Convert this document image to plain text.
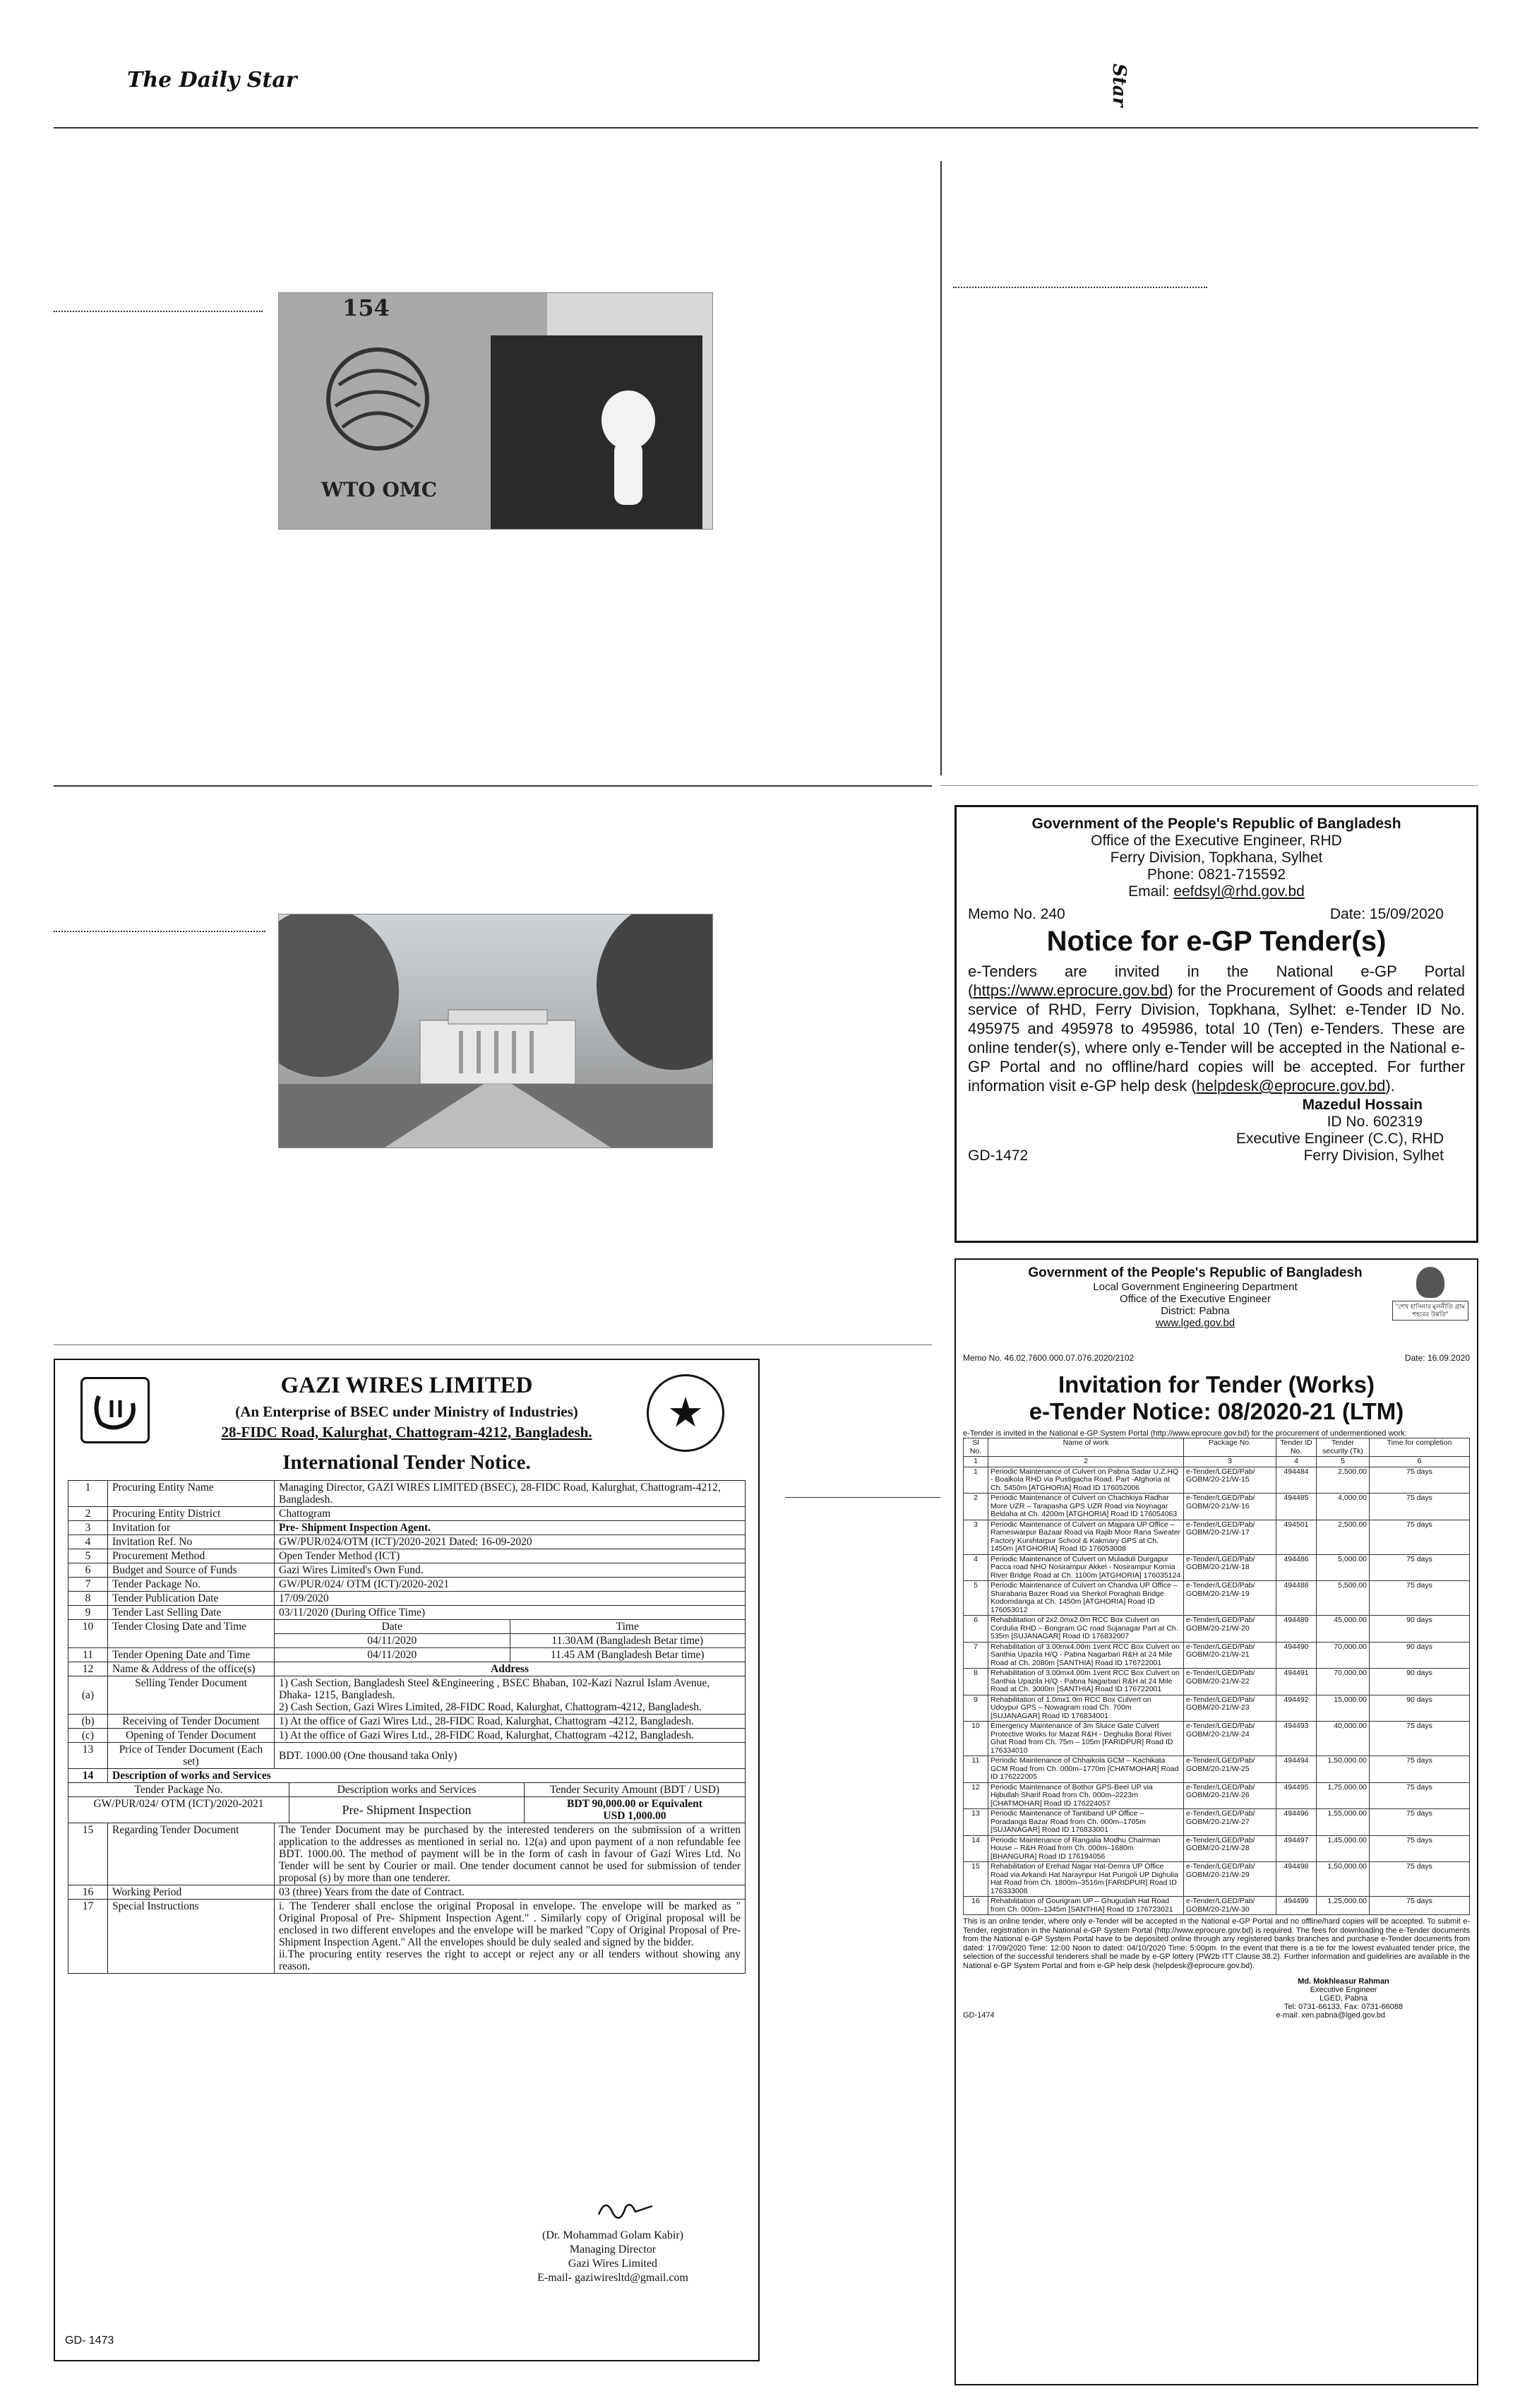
The Daily Star	Star
154
WTO OMC
Government of the People's Republic of Bangladesh
Office of the Executive Engineer, RHD
Ferry Division, Topkhana, Sylhet
Phone: 0821-715592
Email: eefdsyl@rhd.gov.bd
Memo No. 240	Date: 15/09/2020
Notice for e-GP Tender(s)
e-Tenders are invited in the National e-GP Portal (https://www.eprocure.gov.bd) for the Procurement of Goods and related service of RHD, Ferry Division, Topkhana, Sylhet: e-Tender ID No. 495975 and 495978 to 495986, total 10 (Ten) e-Tenders. These are online tender(s), where only e-Tender will be accepted in the National e-GP Portal and no offline/hard copies will be accepted. For further information visit e-GP help desk (helpdesk@eprocure.gov.bd).
Mazedul Hossain
ID No. 602319
Executive Engineer (C.C), RHD
GD-1472	Ferry Division, Sylhet
Government of the People's Republic of Bangladesh
Local Government Engineering Department
Office of the Executive Engineer
District: Pabna
www.lged.gov.bd
"শেখ হাসিনার মূলনীতি গ্রাম শহরের উন্নতি"
Memo No. 46.02.7600.000.07.076.2020/2102	Date: 16.09.2020
Invitation for Tender (Works)
e-Tender Notice: 08/2020-21 (LTM)
e-Tender is invited in the National e-GP System Portal (http://www.eprocure.gov.bd) for the procurement of undermentioned work:
Sl No.	Name of work	Package No.	Tender ID No.	Tender security (Tk)	Time for completion
1	2	3	4	5	6
1	Periodic Maintenance of Culvert on Pabna Sadar U.Z.HQ - Boalkola RHD via Pustigacha Road. Part -Atghoria at Ch. 5450m [ATGHORIA] Road ID 176052006	e-Tender/LGED/Pab/ GOBM/20-21/W-15	494484	2,500.00	75 days
2	Periodic Maintenance of Culvert on Chachkiya Radhar More UZR – Tarapasha GPS UZR Road via Noynagar Beldaha at Ch. 4200m [ATGHORIA] Road ID 176054063	e-Tender/LGED/Pab/ GOBM/20-21/W-16	494485	4,000.00	75 days
3	Periodic Maintenance of Culvert on Majpara UP Office – Rameswarpur Bazaar Road via Rajib Moor Rana Sweater Factory Kurshtarpur School & Kakmary GPS at Ch. 1450m [ATGHORIA] Road ID 176053008	e-Tender/LGED/Pab/ GOBM/20-21/W-17	494501	2,500.00	75 days
4	Periodic Maintenance of Culvert on Muladuli Durgapur Pacca road NHO Nosirampur Akkel - Nosirampur Kornia River Bridge Road at Ch. 1100m [ATGHORIA] 176035124	e-Tender/LGED/Pab/ GOBM/20-21/W-18	494486	5,000.00	75 days
5	Periodic Maintenance of Culvert on Chandva UP Office – Sharabaria Bazer Road via Sherkol Poraghati Bridge Kodomdanga at Ch. 1450m [ATGHORIA] Road ID 176053012	e-Tender/LGED/Pab/ GOBM/20-21/W-19	494488	5,500.00	75 days
6	Rehabilitation of 2x2.0mx2.0m RCC Box Culvert on Cordulia RHD – Bongram GC road Sujanagar Part at Ch. 535m [SUJANAGAR] Road ID 176832007	e-Tender/LGED/Pab/ GOBM/20-21/W-20	494489	45,000.00	90 days
7	Rehabilitation of 3.00mx4.00m 1vent RCC Box Culvert on Santhia Upazila H/Q - Pabna Nagarbari R&H at 24 Mile Road at Ch. 2080m [SANTHIA] Road ID 176722001	e-Tender/LGED/Pab/ GOBM/20-21/W-21	494490	70,000.00	90 days
8	Rehabilitation of 3.00mx4.00m 1vent RCC Box Culvert on Santhia Upazila H/Q - Pabna Nagarbari R&H at 24 Mile Road at Ch. 3000m [SANTHIA] Road ID 176722001	e-Tender/LGED/Pab/ GOBM/20-21/W-22	494491	70,000.00	90 days
9	Rehabilitation of 1.0mx1.0m RCC Box Culvert on Udoypur GPS – Nowagram road Ch. 700m [SUJANAGAR] Road ID 176834001	e-Tender/LGED/Pab/ GOBM/20-21/W-23	494492	15,000.00	90 days
10	Emergency Maintenance of 3m Sluice Gate Culvert Protective Works for Mazat R&H - Deghulia Boral River Ghat Road from Ch. 75m – 105m [FARIDPUR] Road ID 176334010	e-Tender/LGED/Pab/ GOBM/20-21/W-24	494493	40,000.00	75 days
11	Periodic Maintenance of Chhaikola GCM – Kachikata GCM Road from Ch. 000m–1770m [CHATMOHAR] Road ID 176222005	e-Tender/LGED/Pab/ GOBM/20-21/W-25	494494	1,50,000.00	75 days
12	Periodic Maintenance of Bothor GPS-Beel UP via Hijbullah Sharif Road from Ch. 000m–2223m [CHATMOHAR] Road ID 176224057	e-Tender/LGED/Pab/ GOBM/20-21/W-26	494495	1,75,000.00	75 days
13	Periodic Maintenance of Tantiband UP Office – Poradanga Bazar Road from Ch. 000m–1705m [SUJANAGAR] Road ID 176833001	e-Tender/LGED/Pab/ GOBM/20-21/W-27	494496	1,55,000.00	75 days
14	Periodic Maintenance of Rangalia Modhu Chairman House – R&H Road from Ch. 000m–1680m [BHANGURA] Road ID 176194056	e-Tender/LGED/Pab/ GOBM/20-21/W-28	494497	1,45,000.00	75 days
15	Rehabilitation of Erehad Nagar Hat-Demra UP Office Road via Arkandi Hat Naraynpur Hat Pungoli UP Dighulia Hat Road from Ch. 1800m–3516m [FARIDPUR] Road ID 176333008	e-Tender/LGED/Pab/ GOBM/20-21/W-29	494498	1,50,000.00	75 days
16	Rehabilitation of Gourigram UP – Ghugudah Hat Road from Ch. 000m–1345m [SANTHIA] Road ID 176723021	e-Tender/LGED/Pab/ GOBM/20-21/W-30	494499	1,25,000.00	75 days
This is an online tender, where only e-Tender will be accepted in the National e-GP Portal and no offline/hard copies will be accepted. To submit e-Tender, registration in the National e-GP System Portal (http://www.eprocure.gov.bd) is required. The fees for downloading the e-Tender documents from the National e-GP System Portal have to be deposited online through any registered banks branches and purchase e-Tender documents from dated: 17/09/2020 Time: 12:00 Noon to dated: 04/10/2020 Time: 5:00pm. In the event that there is a tie for the lowest evaluated tender price, the selection of the successful tenderers shall be made by e-GP lottery (PW2b ITT Clause 38.2). Further information and guidelines are available in the National e-GP System Portal and from e-GP help desk (helpdesk@eprocure.gov.bd).
Md. Mokhleasur Rahman
Executive Engineer
LGED, Pabna
Tel: 0731-66133, Fax: 0731-66088
GD-1474	e-mail: xen.pabna@lged.gov.bd
★
GAZI WIRES LIMITED
(An Enterprise of BSEC under Ministry of Industries)
28-FIDC Road, Kalurghat, Chattogram-4212, Bangladesh.
International Tender Notice.
1	Procuring Entity Name	Managing Director, GAZI WIRES LIMITED (BSEC), 28-FIDC Road, Kalurghat, Chattogram-4212, Bangladesh.
2	Procuring Entity District	Chattogram
3	Invitation for	Pre- Shipment Inspection Agent.
4	Invitation Ref. No	GW/PUR/024/OTM (ICT)/2020-2021 Dated: 16-09-2020
5	Procurement Method	Open Tender Method (ICT)
6	Budget and Source of Funds	Gazi Wires Limited's Own Fund.
7	Tender Package No.	GW/PUR/024/ OTM (ICT)/2020-2021
8	Tender Publication Date	17/09/2020
9	Tender Last Selling Date	03/11/2020 (During Office Time)
10	Tender Closing Date and Time		Date	Time

04/11/2020	11.30AM (Bangladesh Betar time)

11	Tender Opening Date and Time		04/11/2020	11.45 AM (Bangladesh Betar time)

12	Name & Address of the office(s)	Address
(a)	Selling Tender Document	1) Cash Section, Bangladesh Steel &Engineering , BSEC Bhaban, 102-Kazi Nazrul Islam Avenue, Dhaka- 1215, Bangladesh.
2) Cash Section, Gazi Wires Limited, 28-FIDC Road, Kalurghat, Chattogram-4212, Bangladesh.
(b)	Receiving of Tender Document	1) At the office of Gazi Wires Ltd., 28-FIDC Road, Kalurghat, Chattogram -4212, Bangladesh.
(c)	Opening of Tender Document	1) At the office of Gazi Wires Ltd., 28-FIDC Road, Kalurghat, Chattogram -4212, Bangladesh.
13	Price of Tender Document (Each set)	BDT. 1000.00 (One thousand taka Only)
14	Description of works and Services

Tender Package No.	Description works and Services	Tender Security Amount (BDT / USD)
GW/PUR/024/ OTM (ICT)/2020-2021	Pre- Shipment Inspection	BDT 90,000.00 or Equivalent
USD 1,000.00

15	Regarding Tender Document	The Tender Document may be purchased by the interested tenderers on the submission of a written application to the addresses as mentioned in serial no. 12(a) and upon payment of a non refundable fee BDT. 1000.00. The method of payment will be in the form of cash in favour of Gazi Wires Ltd. No Tender will be sent by Courier or mail. One tender document cannot be used for submission of tender proposal (s) by more than one tenderer.
16	Working Period	03 (three) Years from the date of Contract.
17	Special Instructions	i. The Tenderer shall enclose the original Proposal in envelope. The envelope will be marked as " Original Proposal of Pre- Shipment Inspection Agent." . Similarly copy of Original proposal will be enclosed in two different envelopes and the envelope will be marked "Copy of Original Proposal of Pre- Shipment Inspection Agent." All the envelopes should be duly sealed and signed by the bidder.
ii.The procuring entity reserves the right to accept or reject any or all tenders without showing any reason.
(Dr. Mohammad Golam Kabir)
Managing Director
Gazi Wires Limited
E-mail- gaziwiresltd@gmail.com
GD- 1473
